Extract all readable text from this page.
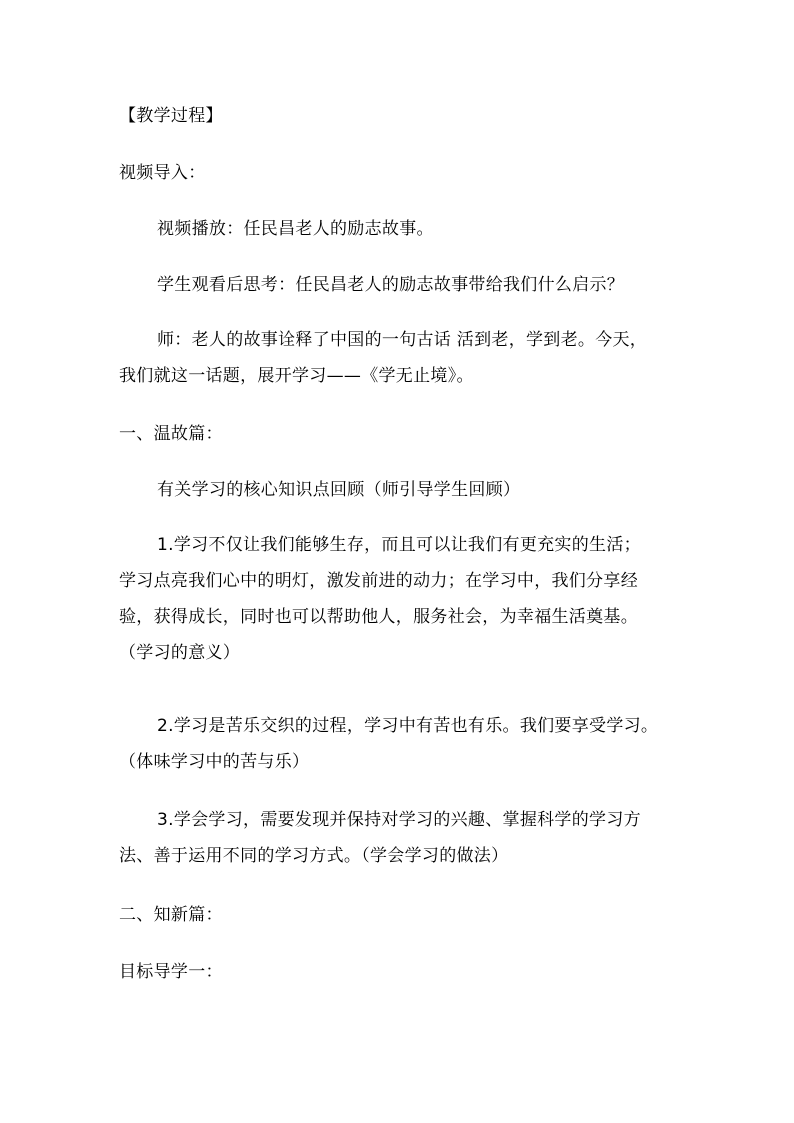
【教学过程】
视频导入：
视频播放：任民昌老人的励志故事。
学生观看后思考：任民昌老人的励志故事带给我们什么启示？
师：老人的故事诠释了中国的一句古话 活到老，学到老。今天，
我们就这一话题，展开学习——《学无止境》。
一、温故篇：
有关学习的核心知识点回顾（师引导学生回顾）
1.学习不仅让我们能够生存，而且可以让我们有更充实的生活；
学习点亮我们心中的明灯，激发前进的动力；在学习中，我们分享经
验，获得成长，同时也可以帮助他人，服务社会，为幸福生活奠基。
（学习的意义）
2.学习是苦乐交织的过程，学习中有苦也有乐。我们要享受学习。
（体味学习中的苦与乐）
3.学会学习，需要发现并保持对学习的兴趣、掌握科学的学习方
法、善于运用不同的学习方式。（学会学习的做法）
二、知新篇：
目标导学一：
